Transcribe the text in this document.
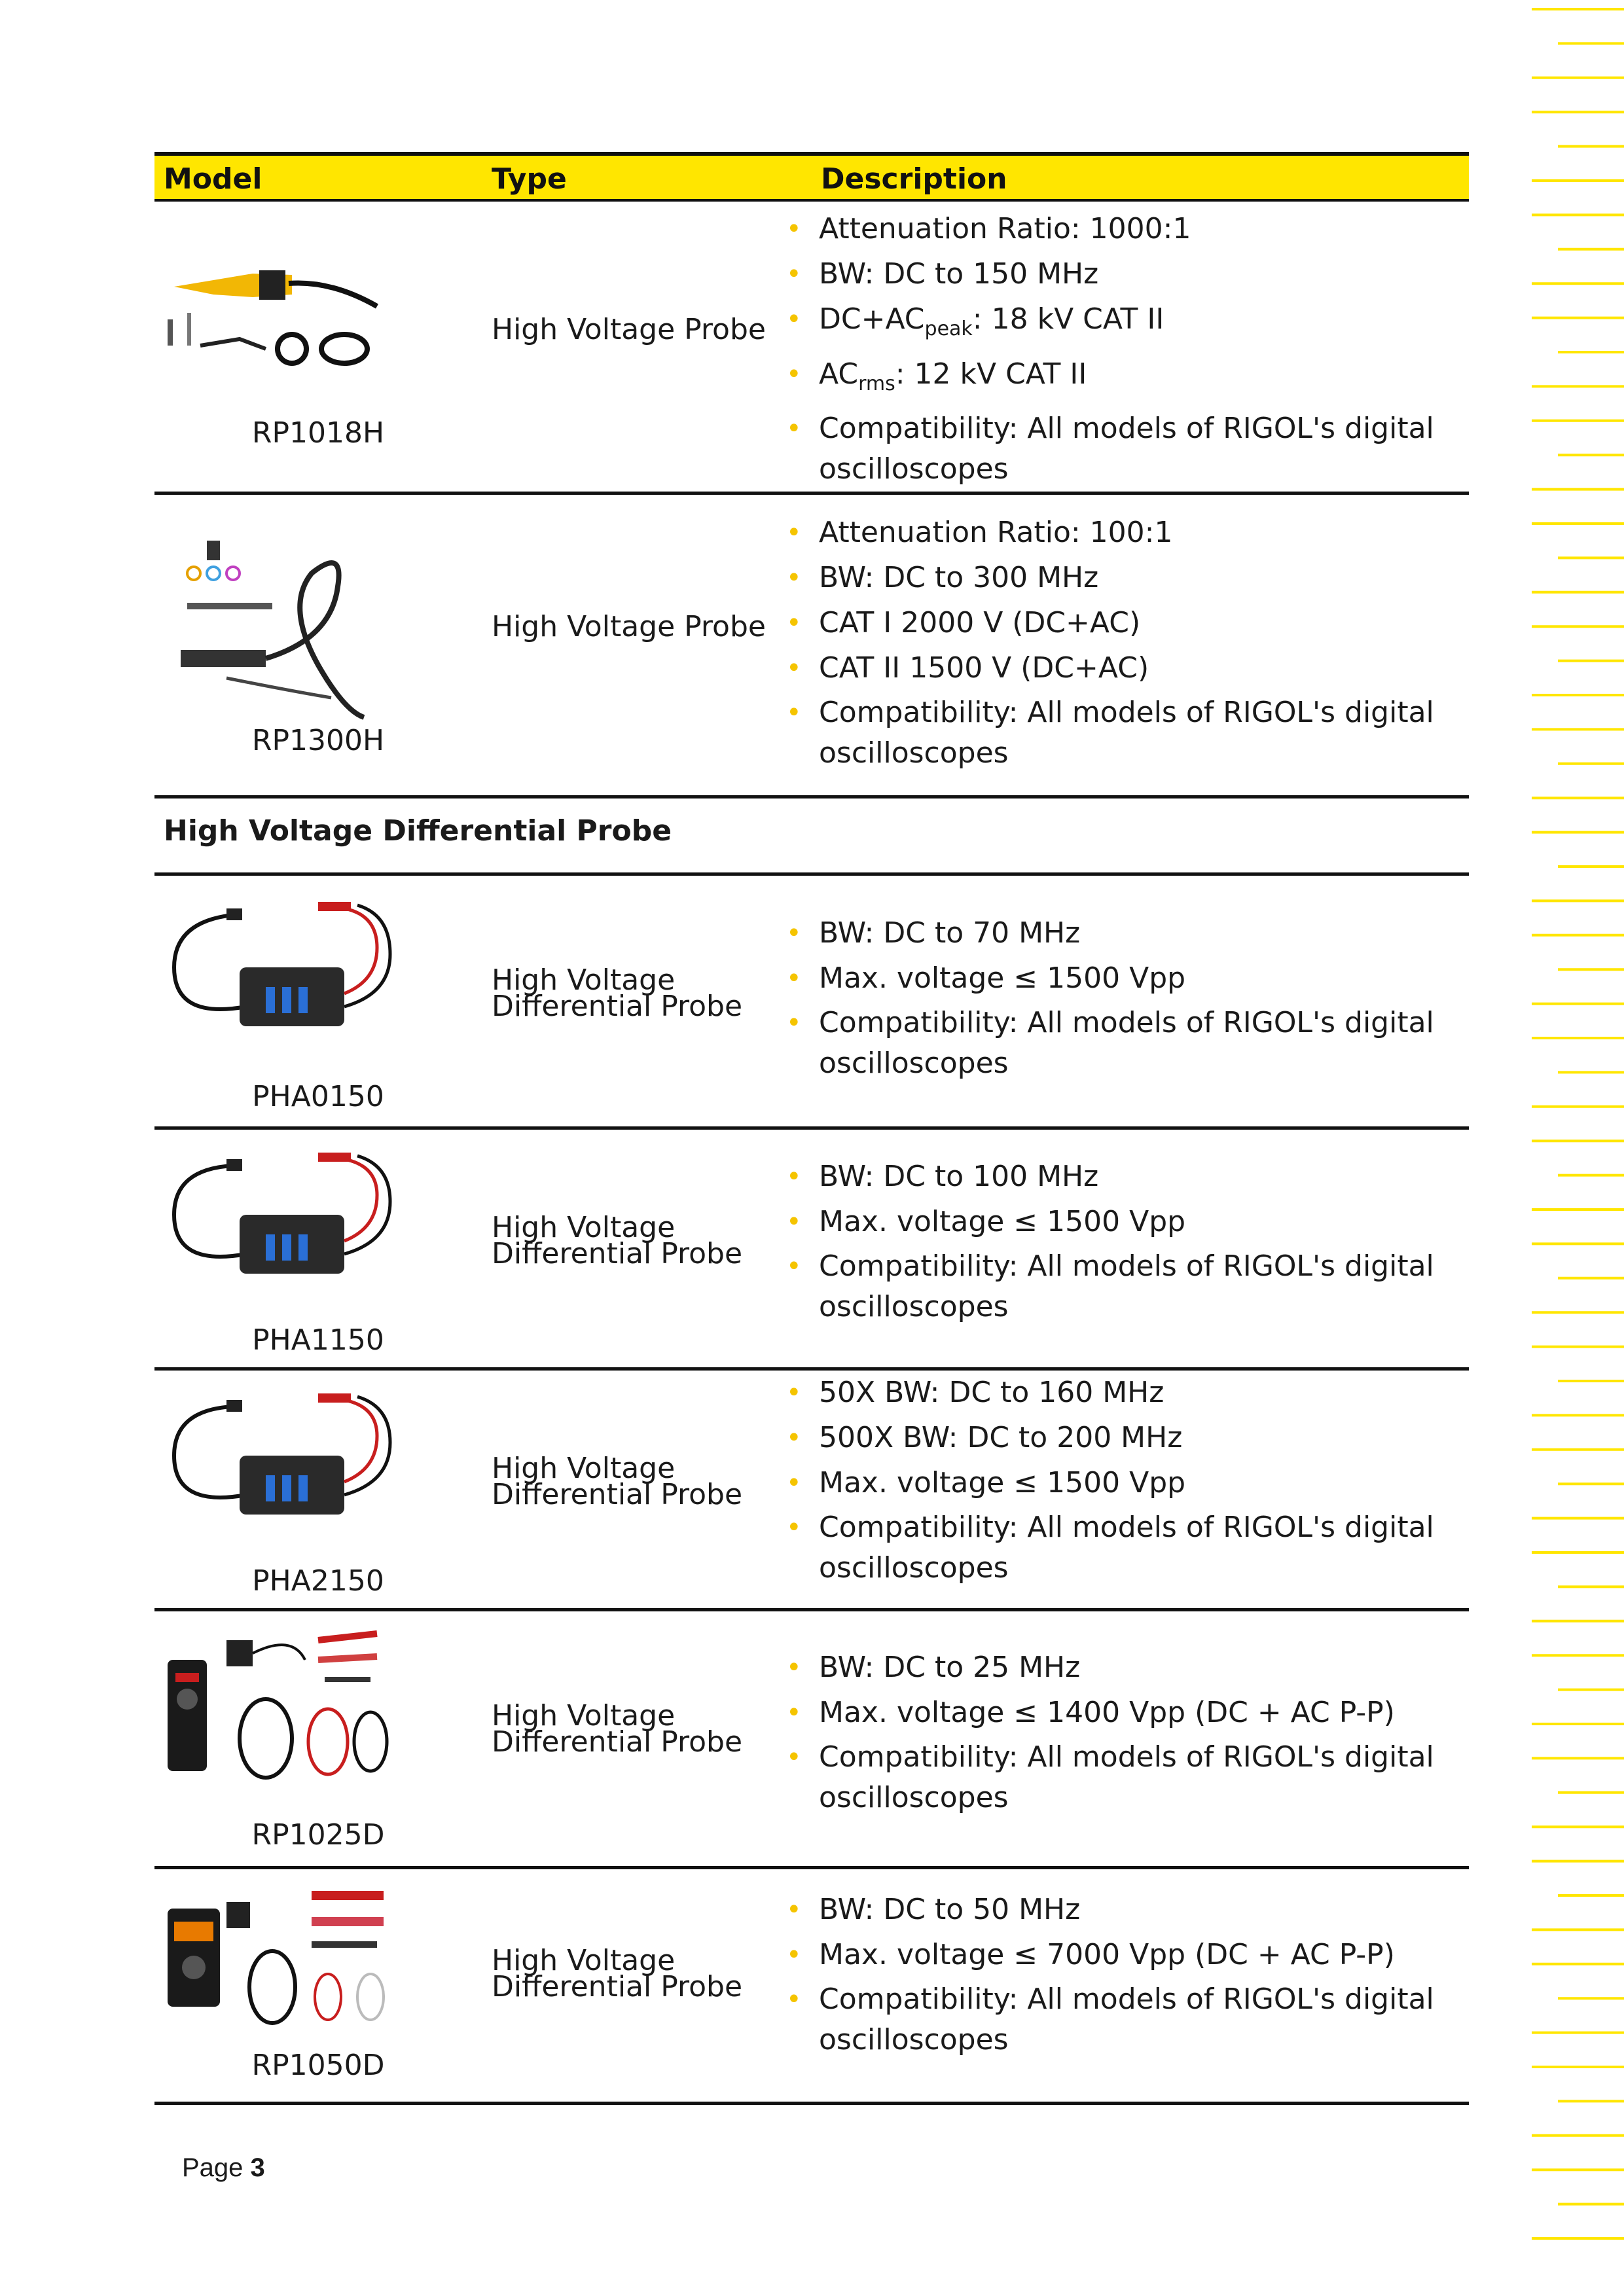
Model	Type	Description
RP1018H
High Voltage Probe
• Attenuation Ratio: 1000:1
• BW: DC to 150 MHz
• $DC+AC_{peak}$: 18 kV CAT II
• $AC_{rms}$: 12 kV CAT II
• Compatibility: All models of RIGOL's digital
oscilloscopes
RP1300H
High Voltage Probe
• Attenuation Ratio: 100:1
• BW: DC to 300 MHz
• CAT I 2000 V (DC+AC)
• CAT II 1500 V (DC+AC)
• Compatibility: All models of RIGOL's digital
oscilloscopes
High Voltage Differential Probe
PHA0150
High Voltage
Differential Probe
• BW: DC to 70 MHz
• Max. voltage ≤ 1500 Vpp
• Compatibility: All models of RIGOL's digital
oscilloscopes
PHA1150
High Voltage
Differential Probe
• BW: DC to 100 MHz
• Max. voltage ≤ 1500 Vpp
• Compatibility: All models of RIGOL's digital
oscilloscopes
PHA2150
High Voltage
Differential Probe
• 50X BW: DC to 160 MHz
• 500X BW: DC to 200 MHz
• Max. voltage ≤ 1500 Vpp
• Compatibility: All models of RIGOL's digital
oscilloscopes
RP1025D
High Voltage
Differential Probe
• BW: DC to 25 MHz
• Max. voltage ≤ 1400 Vpp (DC + AC P-P)
• Compatibility: All models of RIGOL's digital
oscilloscopes
RP1050D
High Voltage
Differential Probe
• BW: DC to 50 MHz
• Max. voltage ≤ 7000 Vpp (DC + AC P-P)
• Compatibility: All models of RIGOL's digital
oscilloscopes
Page 3
